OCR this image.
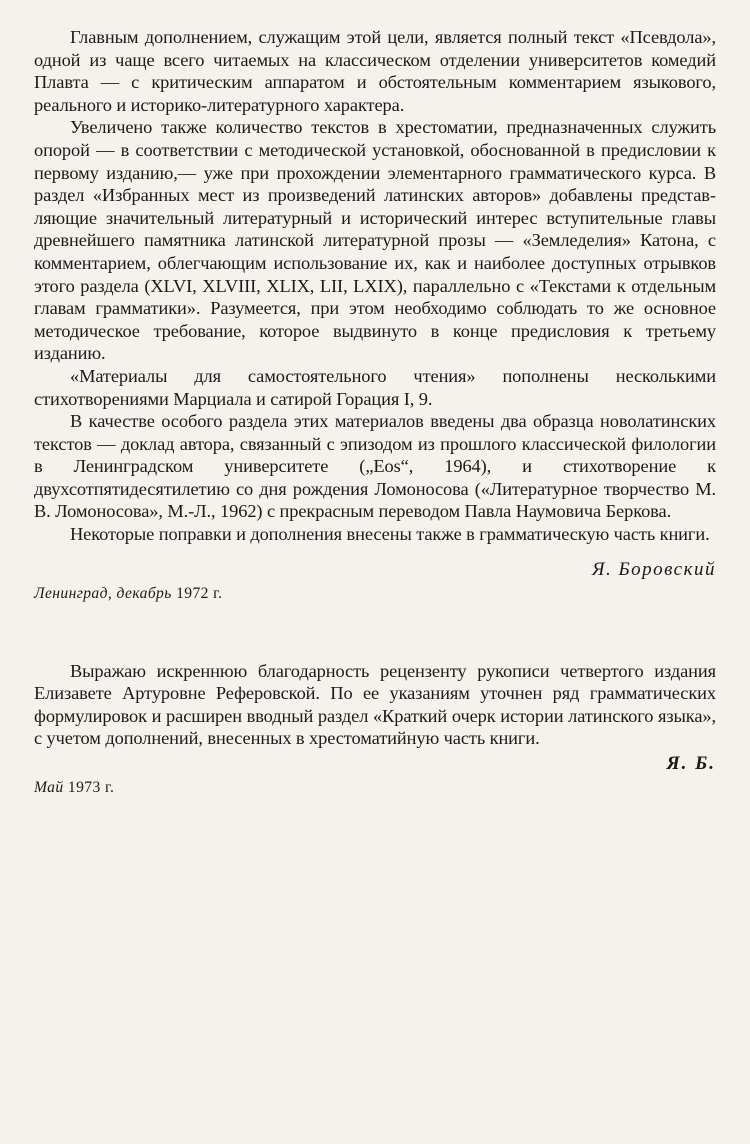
Главным дополнением, служащим этой цели, является полный текст «Псевдола», одной из чаще всего читаемых на классическом отделении университетов комедий Плавта — с критическим аппаратом и обстоятельным комментарием языкового, реального и историко-литературного характера.

Увеличено также количество текстов в хрестоматии, предназначенных служить опорой — в соответствии с методической установкой, обоснованной в предисловии к первому изданию,— уже при прохождении элементарного грамматического курса. В раздел «Избранных мест из произведений латинских авторов» добавлены представляющие значительный литературный и исторический интерес вступительные главы древнейшего памятника латинской литературной прозы — «Земледелия» Катона, с комментарием, облегчающим использование их, как и наиболее доступных отрывков этого раздела (XLVI, XLVIII, XLIX, LII, LXIX), параллельно с «Текстами к отдельным главам грамматики». Разумеется, при этом необходимо соблюдать то же основное методическое требование, которое выдвинуто в конце предисловия к третьему изданию.

«Материалы для самостоятельного чтения» пополнены несколькими стихотворениями Марциала и сатирой Горация I, 9.

В качестве особого раздела этих материалов введены два образца новолатинских текстов — доклад автора, связанный с эпизодом из прошлого классической филологии в Ленинградском университете („Eos“, 1964), и стихотворение к двухсотпятидесятилетию со дня рождения Ломоносова («Литературное творчество М. В. Ломоносова», М.-Л., 1962) с прекрасным переводом Павла Наумовича Беркова.

Некоторые поправки и дополнения внесены также в грамматическую часть книги.

Я. Боровский
Ленинград, декабрь 1972 г.

Выражаю искреннюю благодарность рецензенту рукописи четвертого издания Елизавете Артуровне Реферовской. По ее указаниям уточнен ряд грамматических формулировок и расширен вводный раздел «Краткий очерк истории латинского языка», с учетом дополнений, внесенных в хрестоматийную часть книги.

Я. Б.
Май 1973 г.
